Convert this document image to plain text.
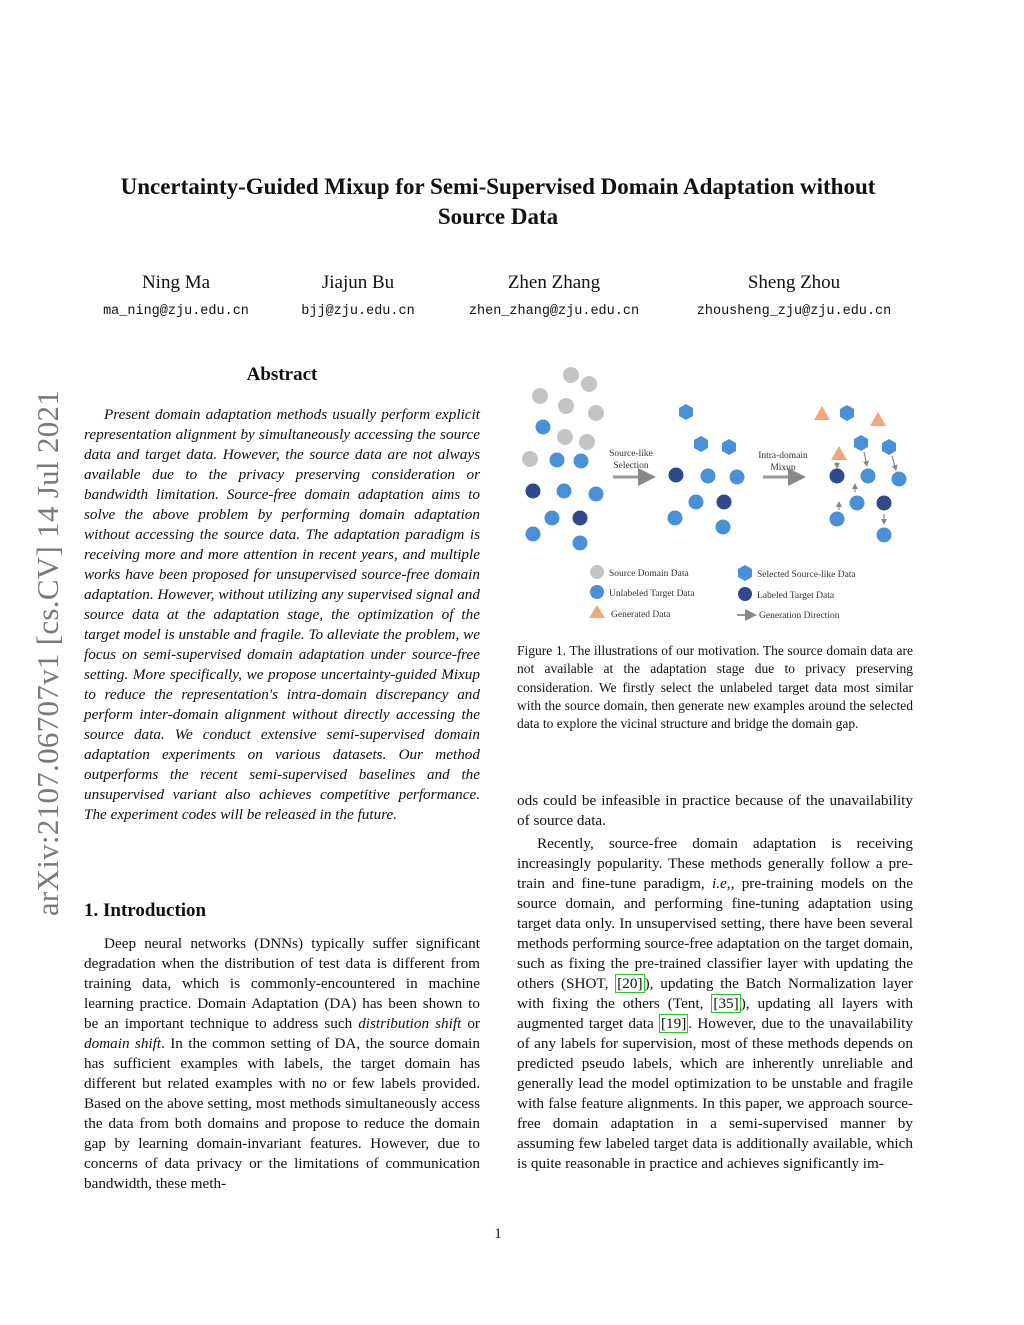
arXiv:2107.06707v1 [cs.CV] 14 Jul 2021
Uncertainty-Guided Mixup for Semi-Supervised Domain Adaptation without Source Data
Ning Ma
ma_ning@zju.edu.cn
Jiajun Bu
bjj@zju.edu.cn
Zhen Zhang
zhen_zhang@zju.edu.cn
Sheng Zhou
zhousheng_zju@zju.edu.cn
Abstract

Present domain adaptation methods usually perform explicit representation alignment by simultaneously accessing the source data and target data. However, the source data are not always available due to the privacy preserving consideration or bandwidth limitation. Source-free domain adaptation aims to solve the above problem by performing domain adaptation without accessing the source data. The adaptation paradigm is receiving more and more attention in recent years, and multiple works have been proposed for unsupervised source-free domain adaptation. However, without utilizing any supervised signal and source data at the adaptation stage, the optimization of the target model is unstable and fragile. To alleviate the problem, we focus on semi-supervised domain adaptation under source-free setting. More specifically, we propose uncertainty-guided Mixup to reduce the representation's intra-domain discrepancy and perform inter-domain alignment without directly accessing the source data. We conduct extensive semi-supervised domain adaptation experiments on various datasets. Our method outperforms the recent semi-supervised baselines and the unsupervised variant also achieves competitive performance. The experiment codes will be released in the future.

1. Introduction

Deep neural networks (DNNs) typically suffer significant degradation when the distribution of test data is different from training data, which is commonly-encountered in machine learning practice. Domain Adaptation (DA) has been shown to be an important technique to address such distribution shift or domain shift. In the common setting of DA, the source domain has sufficient examples with labels, the target domain has different but related examples with no or few labels provided. Based on the above setting, most methods simultaneously access the data from both domains and propose to reduce the domain gap by learning domain-invariant features. However, due to concerns of data privacy or the limitations of communication bandwidth, these meth-

Source-like
Selection
Intra-domain
Mixup
Source Domain Data
Unlabeled Target Data
Generated Data
Selected Source-like Data
Labeled Target Data
Generation Direction

Figure 1. The illustrations of our motivation. The source domain data are not available at the adaptation stage due to privacy preserving consideration. We firstly select the unlabeled target data most similar with the source domain, then generate new examples around the selected data to explore the vicinal structure and bridge the domain gap.

ods could be infeasible in practice because of the unavailability of source data.

Recently, source-free domain adaptation is receiving increasingly popularity. These methods generally follow a pre-train and fine-tune paradigm, i.e,, pre-training models on the source domain, and performing fine-tuning adaptation using target data only. In unsupervised setting, there have been several methods performing source-free adaptation on the target domain, such as fixing the pre-trained classifier layer with updating the others (SHOT, [20] ), updating the Batch Normalization layer with fixing the others (Tent, [35] ), updating all layers with augmented target data [19] . However, due to the unavailability of any labels for supervision, most of these methods depends on predicted pseudo labels, which are inherently unreliable and generally lead the model optimization to be unstable and fragile with false feature alignments. In this paper, we approach source-free domain adaptation in a semi-supervised manner by assuming few labeled target data is additionally available, which is quite reasonable in practice and achieves significantly im-

1
